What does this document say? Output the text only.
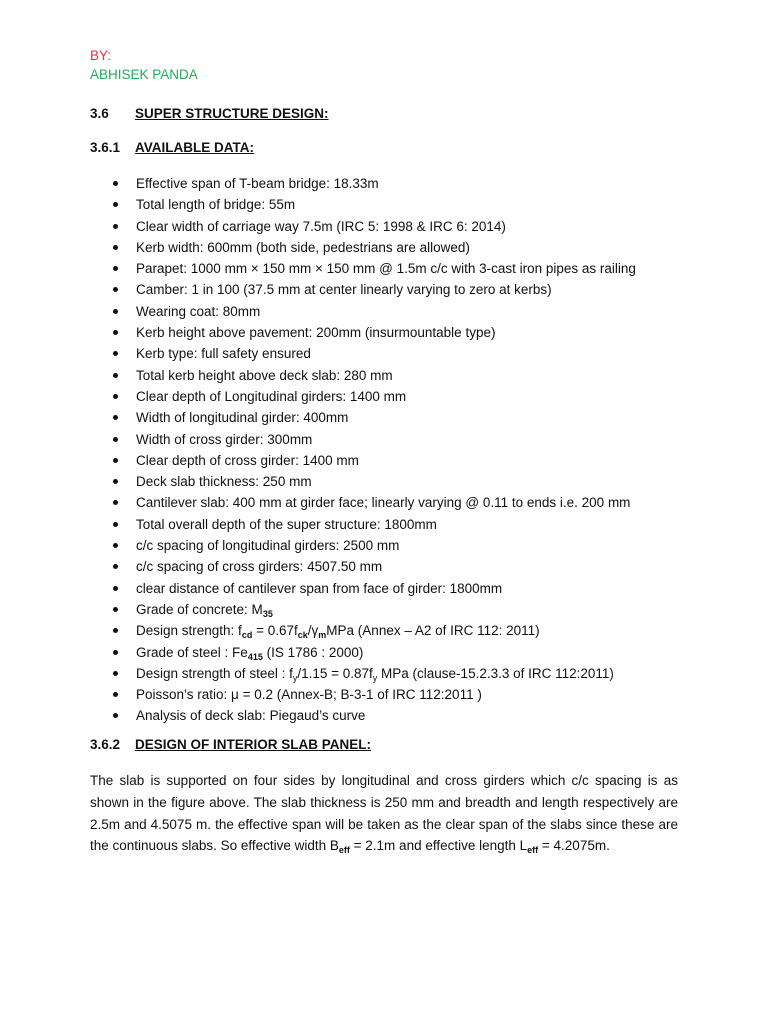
BY:
ABHISEK PANDA
3.6 SUPER STRUCTURE DESIGN:
3.6.1 AVAILABLE DATA:
Effective span of T-beam bridge: 18.33m
Total length of bridge: 55m
Clear width of carriage way 7.5m (IRC 5: 1998 & IRC 6: 2014)
Kerb width: 600mm (both side, pedestrians are allowed)
Parapet: 1000 mm × 150 mm × 150 mm @ 1.5m c/c with 3-cast iron pipes as railing
Camber: 1 in 100 (37.5 mm at center linearly varying to zero at kerbs)
Wearing coat: 80mm
Kerb height above pavement: 200mm (insurmountable type)
Kerb type: full safety ensured
Total kerb height above deck slab: 280 mm
Clear depth of Longitudinal girders: 1400 mm
Width of longitudinal girder: 400mm
Width of cross girder: 300mm
Clear depth of cross girder: 1400 mm
Deck slab thickness: 250 mm
Cantilever slab: 400 mm at girder face; linearly varying @ 0.11 to ends i.e. 200 mm
Total overall depth of the super structure: 1800mm
c/c spacing of longitudinal girders: 2500 mm
c/c spacing of cross girders: 4507.50 mm
clear distance of cantilever span from face of girder: 1800mm
Grade of concrete: $M_{35}$
Design strength: $f_{cd} = 0.67f_{ck}/\gamma_mMPa$ (Annex – A2 of IRC 112: 2011)
Grade of steel : $Fe_{415}$ (IS 1786 : 2000)
Design strength of steel : $f_y/1.15 = 0.87f_y$ MPa (clause-15.2.3.3 of IRC 112:2011)
Poisson’s ratio: μ = 0.2 (Annex-B; B-3-1 of IRC 112:2011 )
Analysis of deck slab: Piegaud’s curve
3.6.2 DESIGN OF INTERIOR SLAB PANEL:

The slab is supported on four sides by longitudinal and cross girders which c/c spacing is as shown in the figure above. The slab thickness is 250 mm and breadth and length respectively are 2.5m and 4.5075 m. the effective span will be taken as the clear span of the slabs since these are the continuous slabs. So effective width $B_{eff} = 2.1m$ and effective length $L_{eff} = 4.2075m$.
